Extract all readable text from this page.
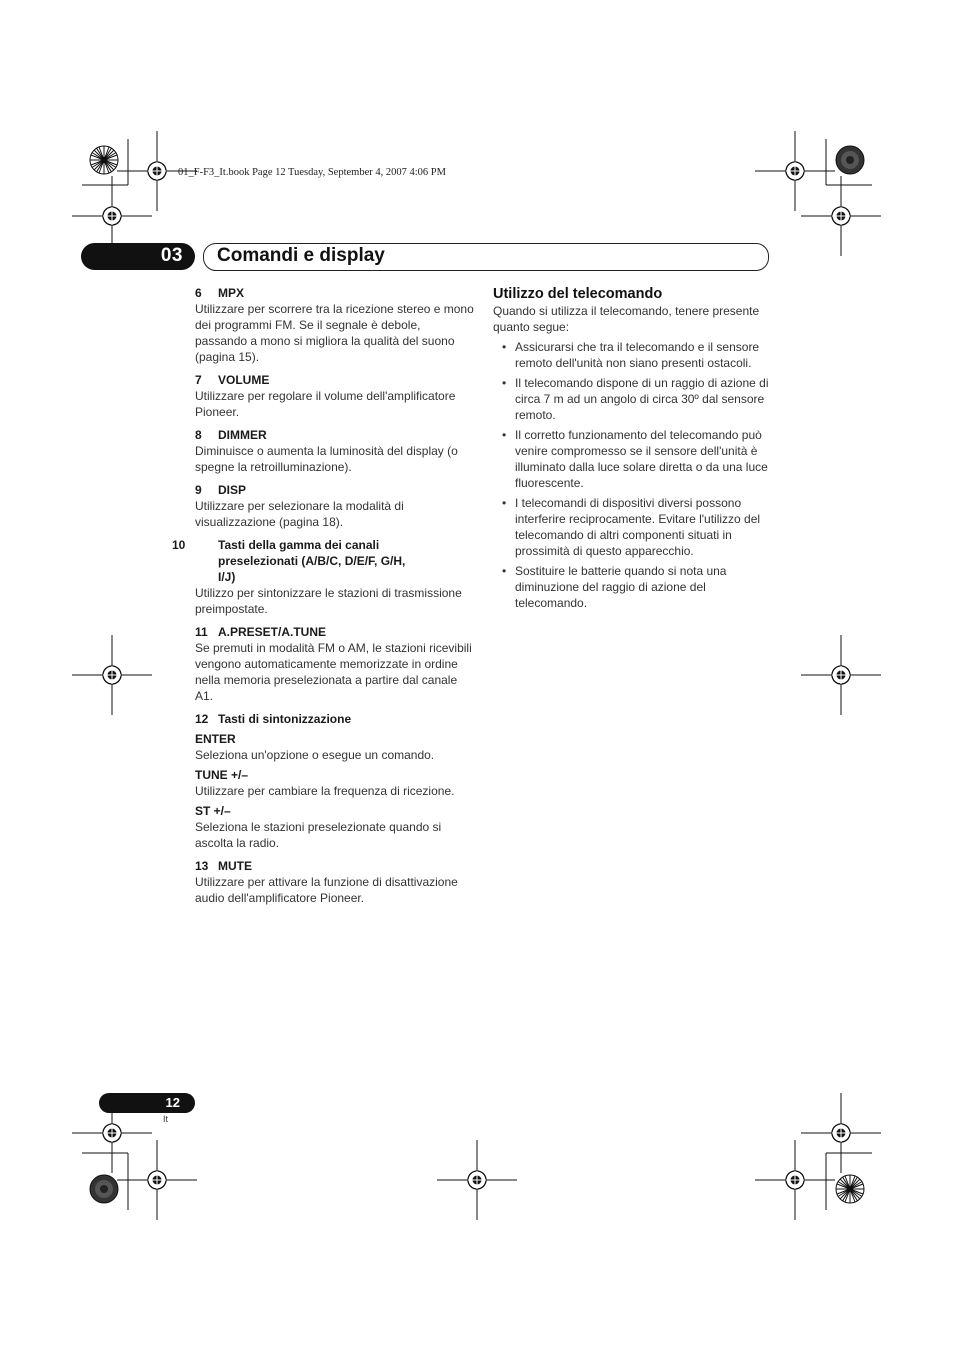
01_F-F3_It.book Page 12 Tuesday, September 4, 2007 4:06 PM
03 Comandi e display
6 MPX
Utilizzare per scorrere tra la ricezione stereo e mono dei programmi FM. Se il segnale è debole, passando a mono si migliora la qualità del suono (pagina 15).
7 VOLUME
Utilizzare per regolare il volume dell'amplificatore Pioneer.
8 DIMMER
Diminuisce o aumenta la luminosità del display (o spegne la retroilluminazione).
9 DISP
Utilizzare per selezionare la modalità di visualizzazione (pagina 18).
10	Tasti della gamma dei canali preselezionati (A/B/C, D/E/F, G/H, I/J)
Utilizzo per sintonizzare le stazioni di trasmissione preimpostate.
11 A.PRESET/A.TUNE
Se premuti in modalità FM o AM, le stazioni ricevibili vengono automaticamente memorizzate in ordine nella memoria preselezionata a partire dal canale A1.
12 Tasti di sintonizzazione
ENTER
Seleziona un'opzione o esegue un comando.
TUNE +/–
Utilizzare per cambiare la frequenza di ricezione.
ST +/–
Seleziona le stazioni preselezionate quando si ascolta la radio.
13 MUTE
Utilizzare per attivare la funzione di disattivazione audio dell'amplificatore Pioneer.
Utilizzo del telecomando

Quando si utilizza il telecomando, tenere presente quanto segue:

• Assicurarsi che tra il telecomando e il sensore remoto dell'unità non siano presenti ostacoli.
• Il telecomando dispone di un raggio di azione di circa 7 m ad un angolo di circa 30º dal sensore remoto.
• Il corretto funzionamento del telecomando può venire compromesso se il sensore dell'unità è illuminato dalla luce solare diretta o da una luce fluorescente.
• I telecomandi di dispositivi diversi possono interferire reciprocamente. Evitare l'utilizzo del telecomando di altri componenti situati in prossimità di questo apparecchio.
• Sostituire le batterie quando si nota una diminuzione del raggio di azione del telecomando.
12
It
